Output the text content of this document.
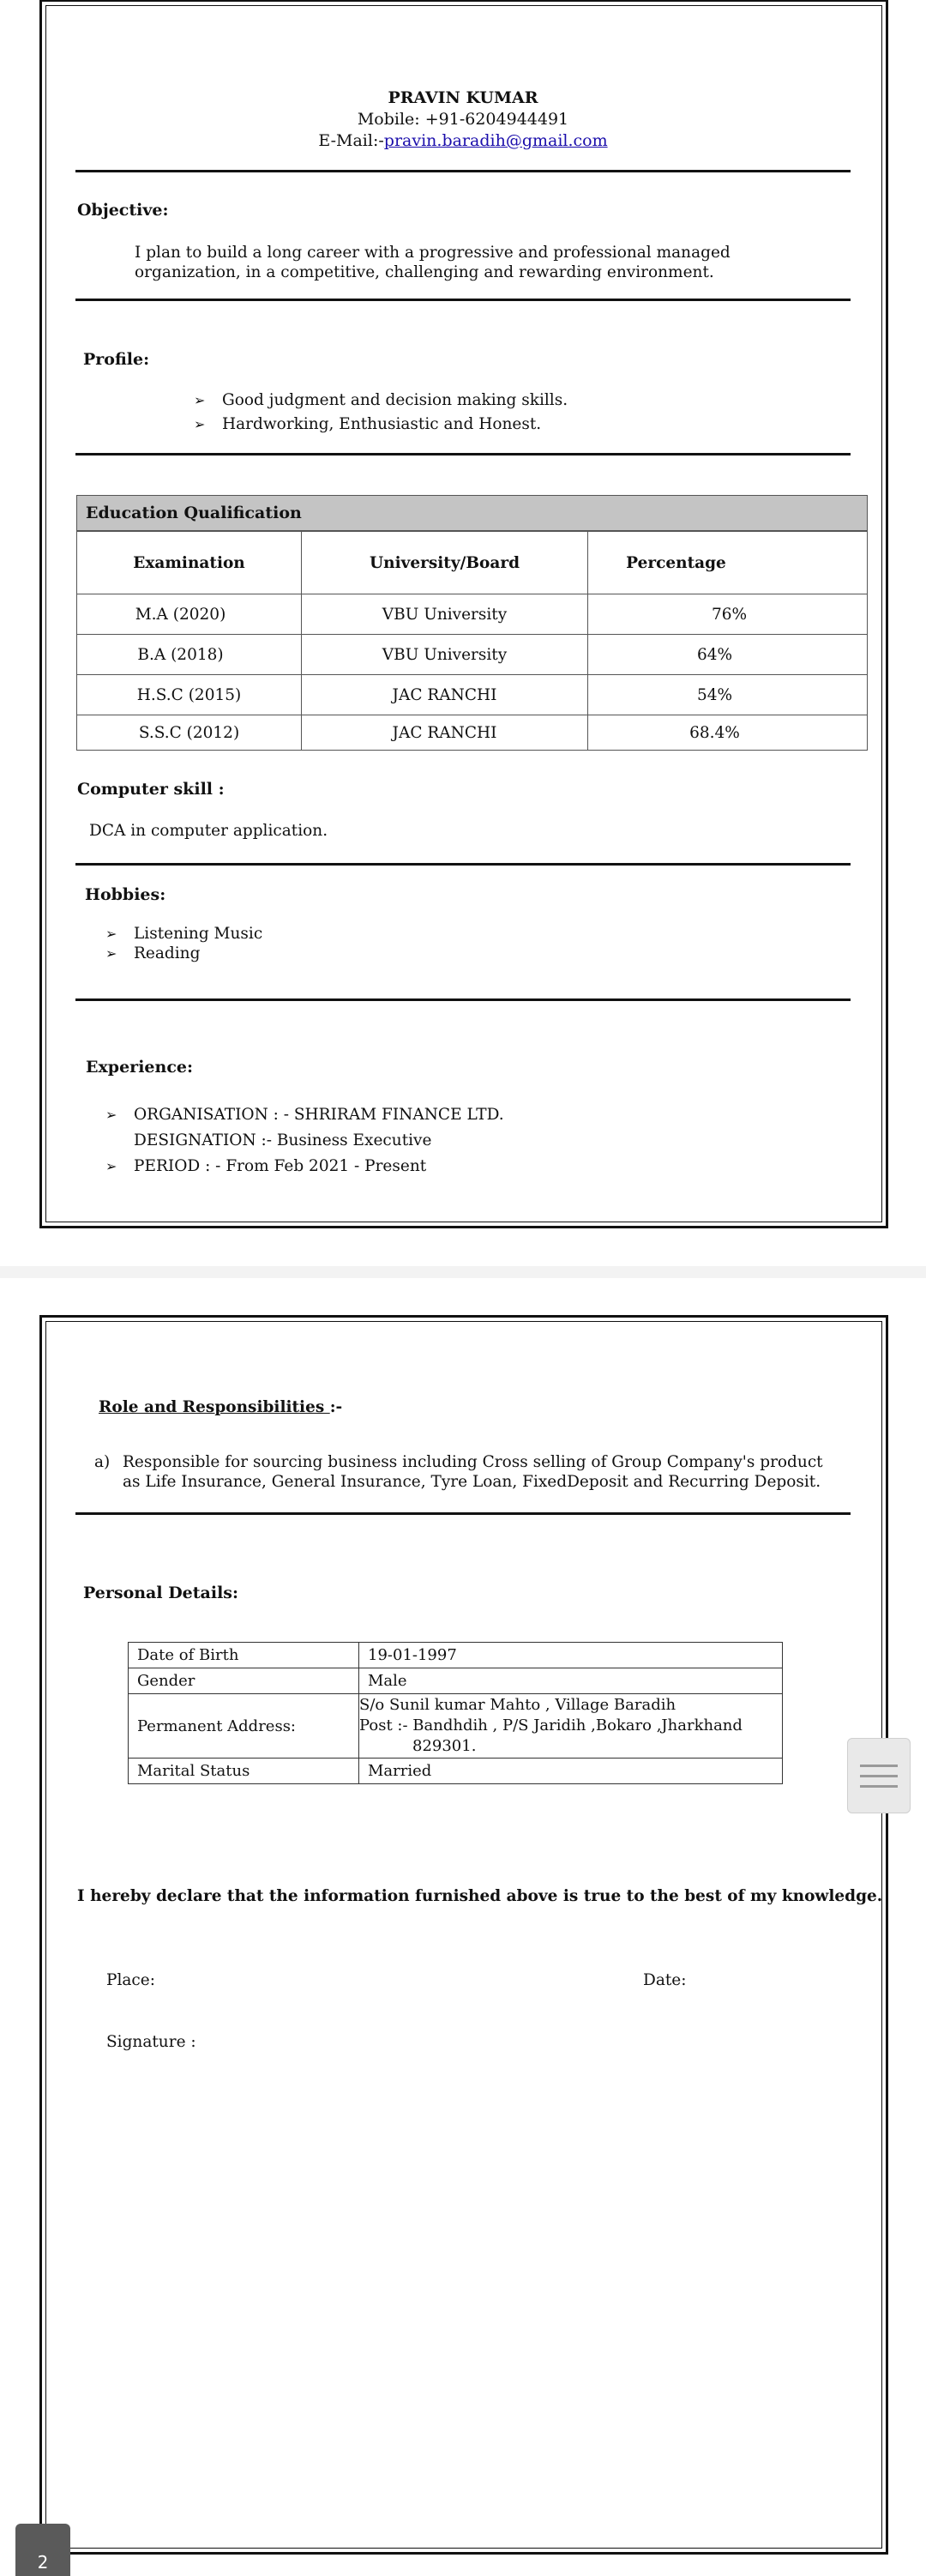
PRAVIN KUMAR
Mobile: +91-6204944491
E-Mail:-pravin.baradih@gmail.com
Objective:
I plan to build a long career with a progressive and professional managed organization, in a competitive, challenging and rewarding environment.
Profile:
➢ Good judgment and decision making skills.
➢ Hardworking, Enthusiastic and Honest.
Education Qualification
Examination	University/Board	Percentage
M.A (2020)	VBU University	76%
B.A (2018)	VBU University	64%
H.S.C (2015)	JAC RANCHI	54%
S.S.C (2012)	JAC RANCHI	68.4%
Computer skill :
DCA in computer application.
Hobbies:
➢ Listening Music
➢ Reading
Experience:
➢ ORGANISATION : - SHRIRAM FINANCE LTD.
DESIGNATION :- Business Executive
➢ PERIOD : - From Feb 2021 - Present
Role and Responsibilities :-
a) Responsible for sourcing business including Cross selling of Group Company's product as Life Insurance, General Insurance, Tyre Loan, FixedDeposit and Recurring Deposit.
Personal Details:
Date of Birth	19-01-1997
Gender	Male
Permanent Address:	S/o Sunil kumar Mahto , Village Baradih
Post :- Bandhdih , P/S Jaridih ,Bokaro ,Jharkhand
829301.

Marital Status	Married
I hereby declare that the information furnished above is true to the best of my knowledge.
Place:	Date:
Signature :
2
